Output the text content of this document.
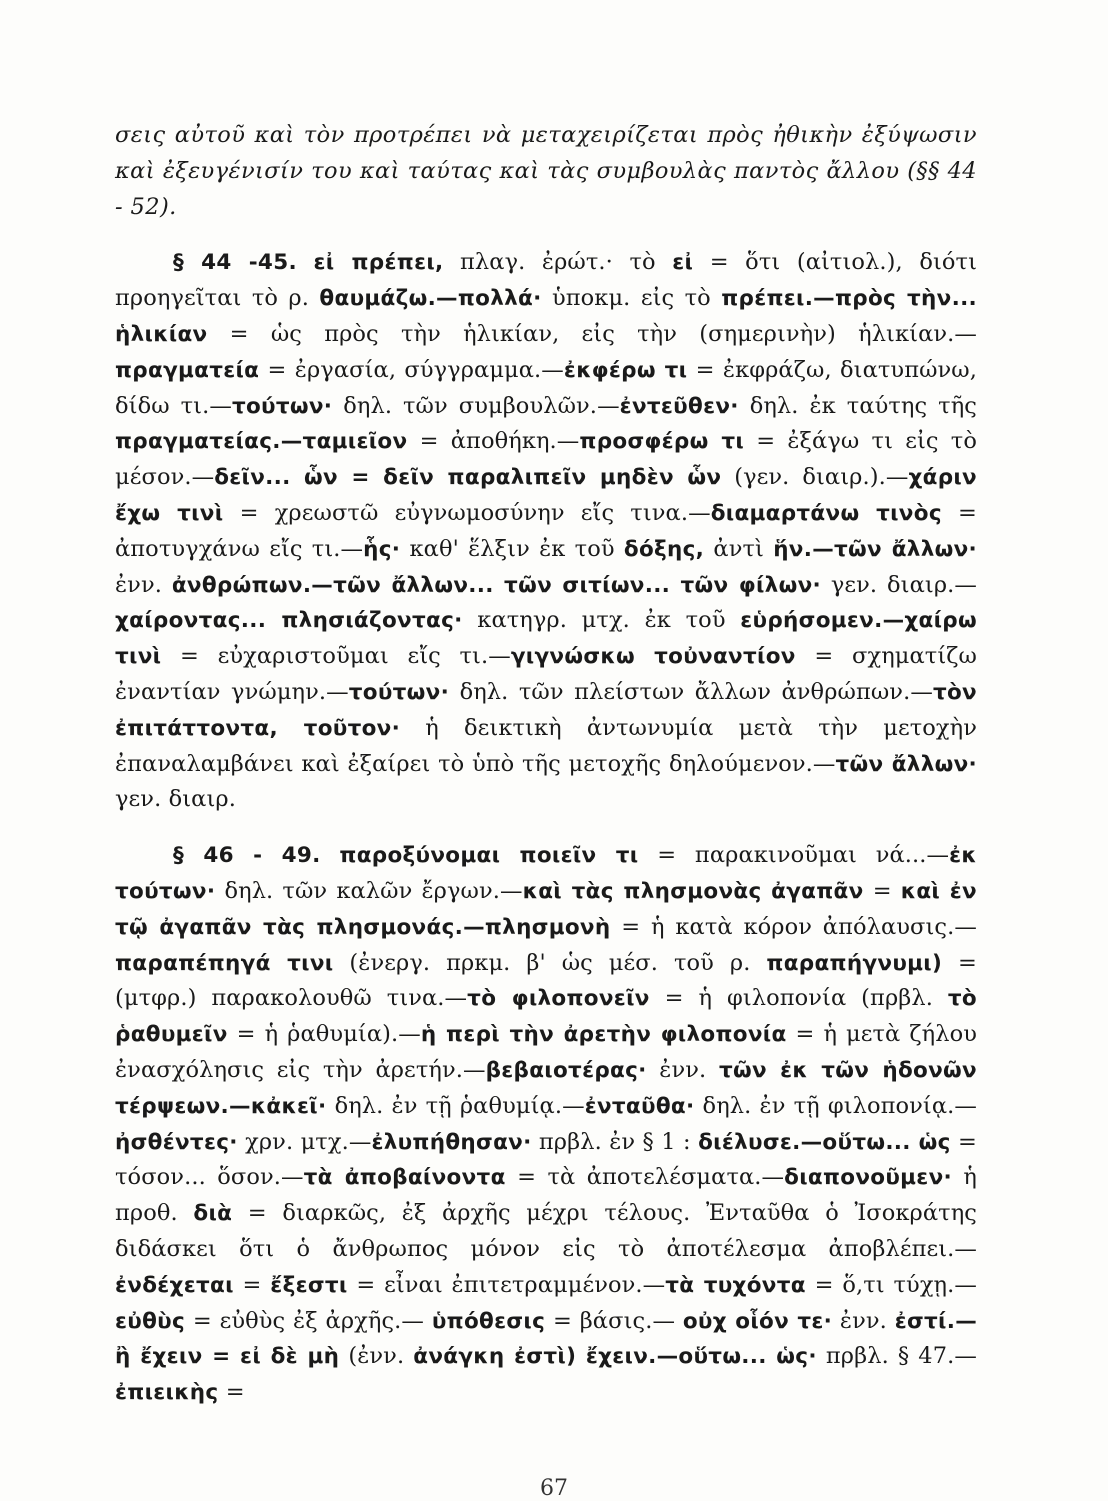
σεις αὐτοῦ καὶ τὸν προτρέπει νὰ μεταχειρίζεται πρὸς ἠθικὴν ἐξύψωσιν καὶ ἐξευγένισίν του καὶ ταύτας καὶ τὰς συμβουλὰς παντὸς ἄλλου (§§ 44 - 52).

§ 44 -45. εἰ πρέπει, πλαγ. ἐρώτ.· τὸ εἰ = ὅτι (αἰτιολ.), διότι προηγεῖται τὸ ρ. θαυμάζω.—πολλά· ὑποκμ. εἰς τὸ πρέπει.—πρὸς τὴν... ἡλικίαν = ὡς πρὸς τὴν ἡλικίαν, εἰς τὴν (σημερινὴν) ἡλικίαν.— πραγματεία = ἐργασία, σύγγραμμα.—ἐκφέρω τι = ἐκφράζω, διατυπώνω, δίδω τι.—τούτων· δηλ. τῶν συμβουλῶν.—ἐντεῦθεν· δηλ. ἐκ ταύτης τῆς πραγματείας.—ταμιεῖον = ἀποθήκη.—προσφέρω τι = ἐξάγω τι εἰς τὸ μέσον.—δεῖν... ὧν = δεῖν παραλιπεῖν μηδὲν ὧν (γεν. διαιρ.).—χάριν ἔχω τινὶ = χρεωστῶ εὐγνωμοσύνην εἴς τινα.—διαμαρτάνω τινὸς = ἀποτυγχάνω εἴς τι.—ἧς· καθ' ἕλξιν ἐκ τοῦ δόξης, ἀντὶ ἥν.—τῶν ἄλλων· ἐνν. ἀνθρώπων.—τῶν ἄλλων... τῶν σιτίων... τῶν φίλων· γεν. διαιρ.—χαίροντας... πλησιάζοντας· κατηγρ. μτχ. ἐκ τοῦ εὑρήσομεν.—χαίρω τινὶ = εὐχαριστοῦμαι εἴς τι.—γιγνώσκω τοὐναντίον = σχηματίζω ἐναντίαν γνώμην.—τούτων· δηλ. τῶν πλείστων ἄλλων ἀνθρώπων.—τὸν ἐπιτάττοντα, τοῦτον· ἡ δεικτικὴ ἀντωνυμία μετὰ τὴν μετοχὴν ἐπαναλαμβάνει καὶ ἐξαίρει τὸ ὑπὸ τῆς μετοχῆς δηλούμενον.—τῶν ἄλλων· γεν. διαιρ.

§ 46 - 49. παροξύνομαι ποιεῖν τι = παρακινοῦμαι νά...—ἐκ τούτων· δηλ. τῶν καλῶν ἔργων.—καὶ τὰς πλησμονὰς ἀγαπᾶν = καὶ ἐν τῷ ἀγαπᾶν τὰς πλησμονάς.—πλησμονὴ = ἡ κατὰ κόρον ἀπόλαυσις.—παραπέπηγά τινι (ἐνεργ. πρκμ. β' ὡς μέσ. τοῦ ρ. παραπήγνυμι) = (μτφρ.) παρακολουθῶ τινα.—τὸ φιλοπονεῖν = ἡ φιλοπονία (πρβλ. τὸ ῥαθυμεῖν = ἡ ῥαθυμία).—ἡ περὶ τὴν ἀρετὴν φιλοπονία = ἡ μετὰ ζήλου ἐνασχόλησις εἰς τὴν ἀρετήν.—βεβαιοτέρας· ἐνν. τῶν ἐκ τῶν ἡδονῶν τέρψεων.—κἀκεῖ· δηλ. ἐν τῇ ῥαθυμίᾳ.—ἐνταῦθα· δηλ. ἐν τῇ φιλοπονίᾳ.—ἠσθέντες· χρν. μτχ.—ἐλυπήθησαν· πρβλ. ἐν § 1 : διέλυσε.—οὕτω... ὡς = τόσον... ὅσον.—τὰ ἀποβαίνοντα = τὰ ἀποτελέσματα.—διαπονοῦμεν· ἡ προθ. διὰ = διαρκῶς, ἐξ ἀρχῆς μέχρι τέλους. Ἐνταῦθα ὁ Ἰσοκράτης διδάσκει ὅτι ὁ ἄνθρωπος μόνον εἰς τὸ ἀποτέλεσμα ἀποβλέπει.— ἐνδέχεται = ἔξεστι = εἶναι ἐπιτετραμμένον.—τὰ τυχόντα = ὅ,τι τύχῃ.—εὐθὺς = εὐθὺς ἐξ ἀρχῆς.— ὑπόθεσις = βάσις.— οὐχ οἷόν τε· ἐνν. ἐστί.— ἢ ἔχειν = εἰ δὲ μὴ (ἐνν. ἀνάγκη ἐστὶ) ἔχειν.—οὕτω... ὡς· πρβλ. § 47.— ἐπιεικὴς =

67
